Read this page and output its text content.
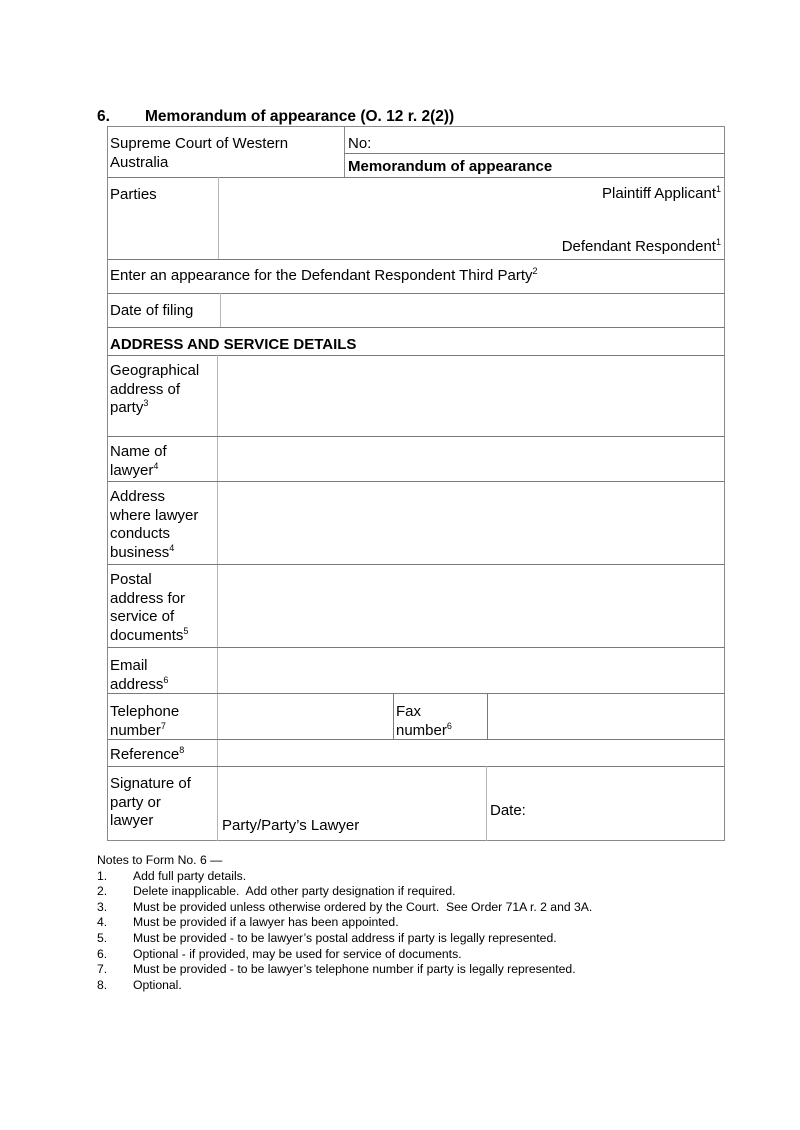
6. Memorandum of appearance (O. 12 r. 2(2))
Supreme Court of Western
Australia
No:
Memorandum of appearance
Parties	Plaintiff Applicant$^1$
Defendant Respondent$^1$
Enter an appearance for the Defendant Respondent Third Party$^2$
Date of filing
ADDRESS AND SERVICE DETAILS
Geographical
address of
party$^3$
Name of
lawyer$^4$
Address
where lawyer
conducts
business$^4$
Postal
address for
service of
documents$^5$
Email
address$^6$
Telephone
number$^7$
Fax
number$^6$
Reference$^8$
Signature of
party or
lawyer	Party/Party’s Lawyer
Date:
Notes to Form No. 6 —
1. Add full party details.
2. Delete inapplicable.  Add other party designation if required.
3. Must be provided unless otherwise ordered by the Court.  See Order 71A r. 2 and 3A.
4. Must be provided if a lawyer has been appointed.
5. Must be provided - to be lawyer’s postal address if party is legally represented.
6. Optional - if provided, may be used for service of documents.
7. Must be provided - to be lawyer’s telephone number if party is legally represented.
8. Optional.
